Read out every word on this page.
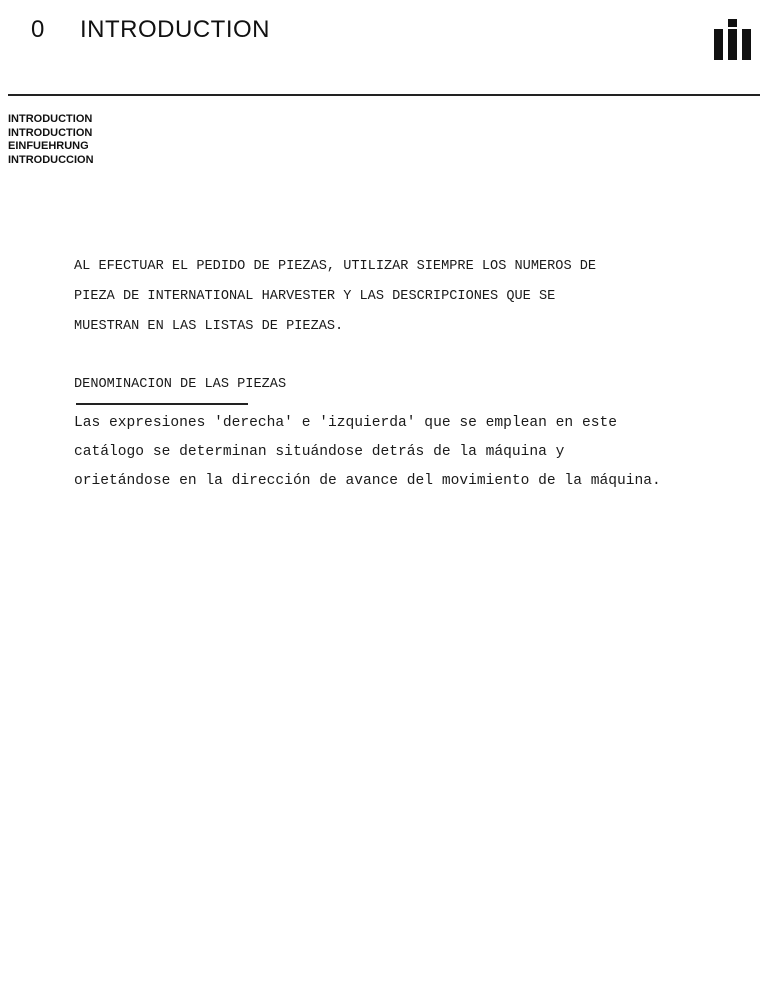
0 INTRODUCTION
INTRODUCTION
INTRODUCTION
EINFUEHRUNG
INTRODUCCION
AL EFECTUAR EL PEDIDO DE PIEZAS, UTILIZAR SIEMPRE LOS NUMEROS DE
PIEZA DE INTERNATIONAL HARVESTER Y LAS DESCRIPCIONES QUE SE
MUESTRAN EN LAS LISTAS DE PIEZAS.
DENOMINACION DE LAS PIEZAS
Las expresiones 'derecha' e 'izquierda' que se emplean en este
catálogo se determinan situándose detrás de la máquina y
orietándose en la dirección de avance del movimiento de la máquina.
